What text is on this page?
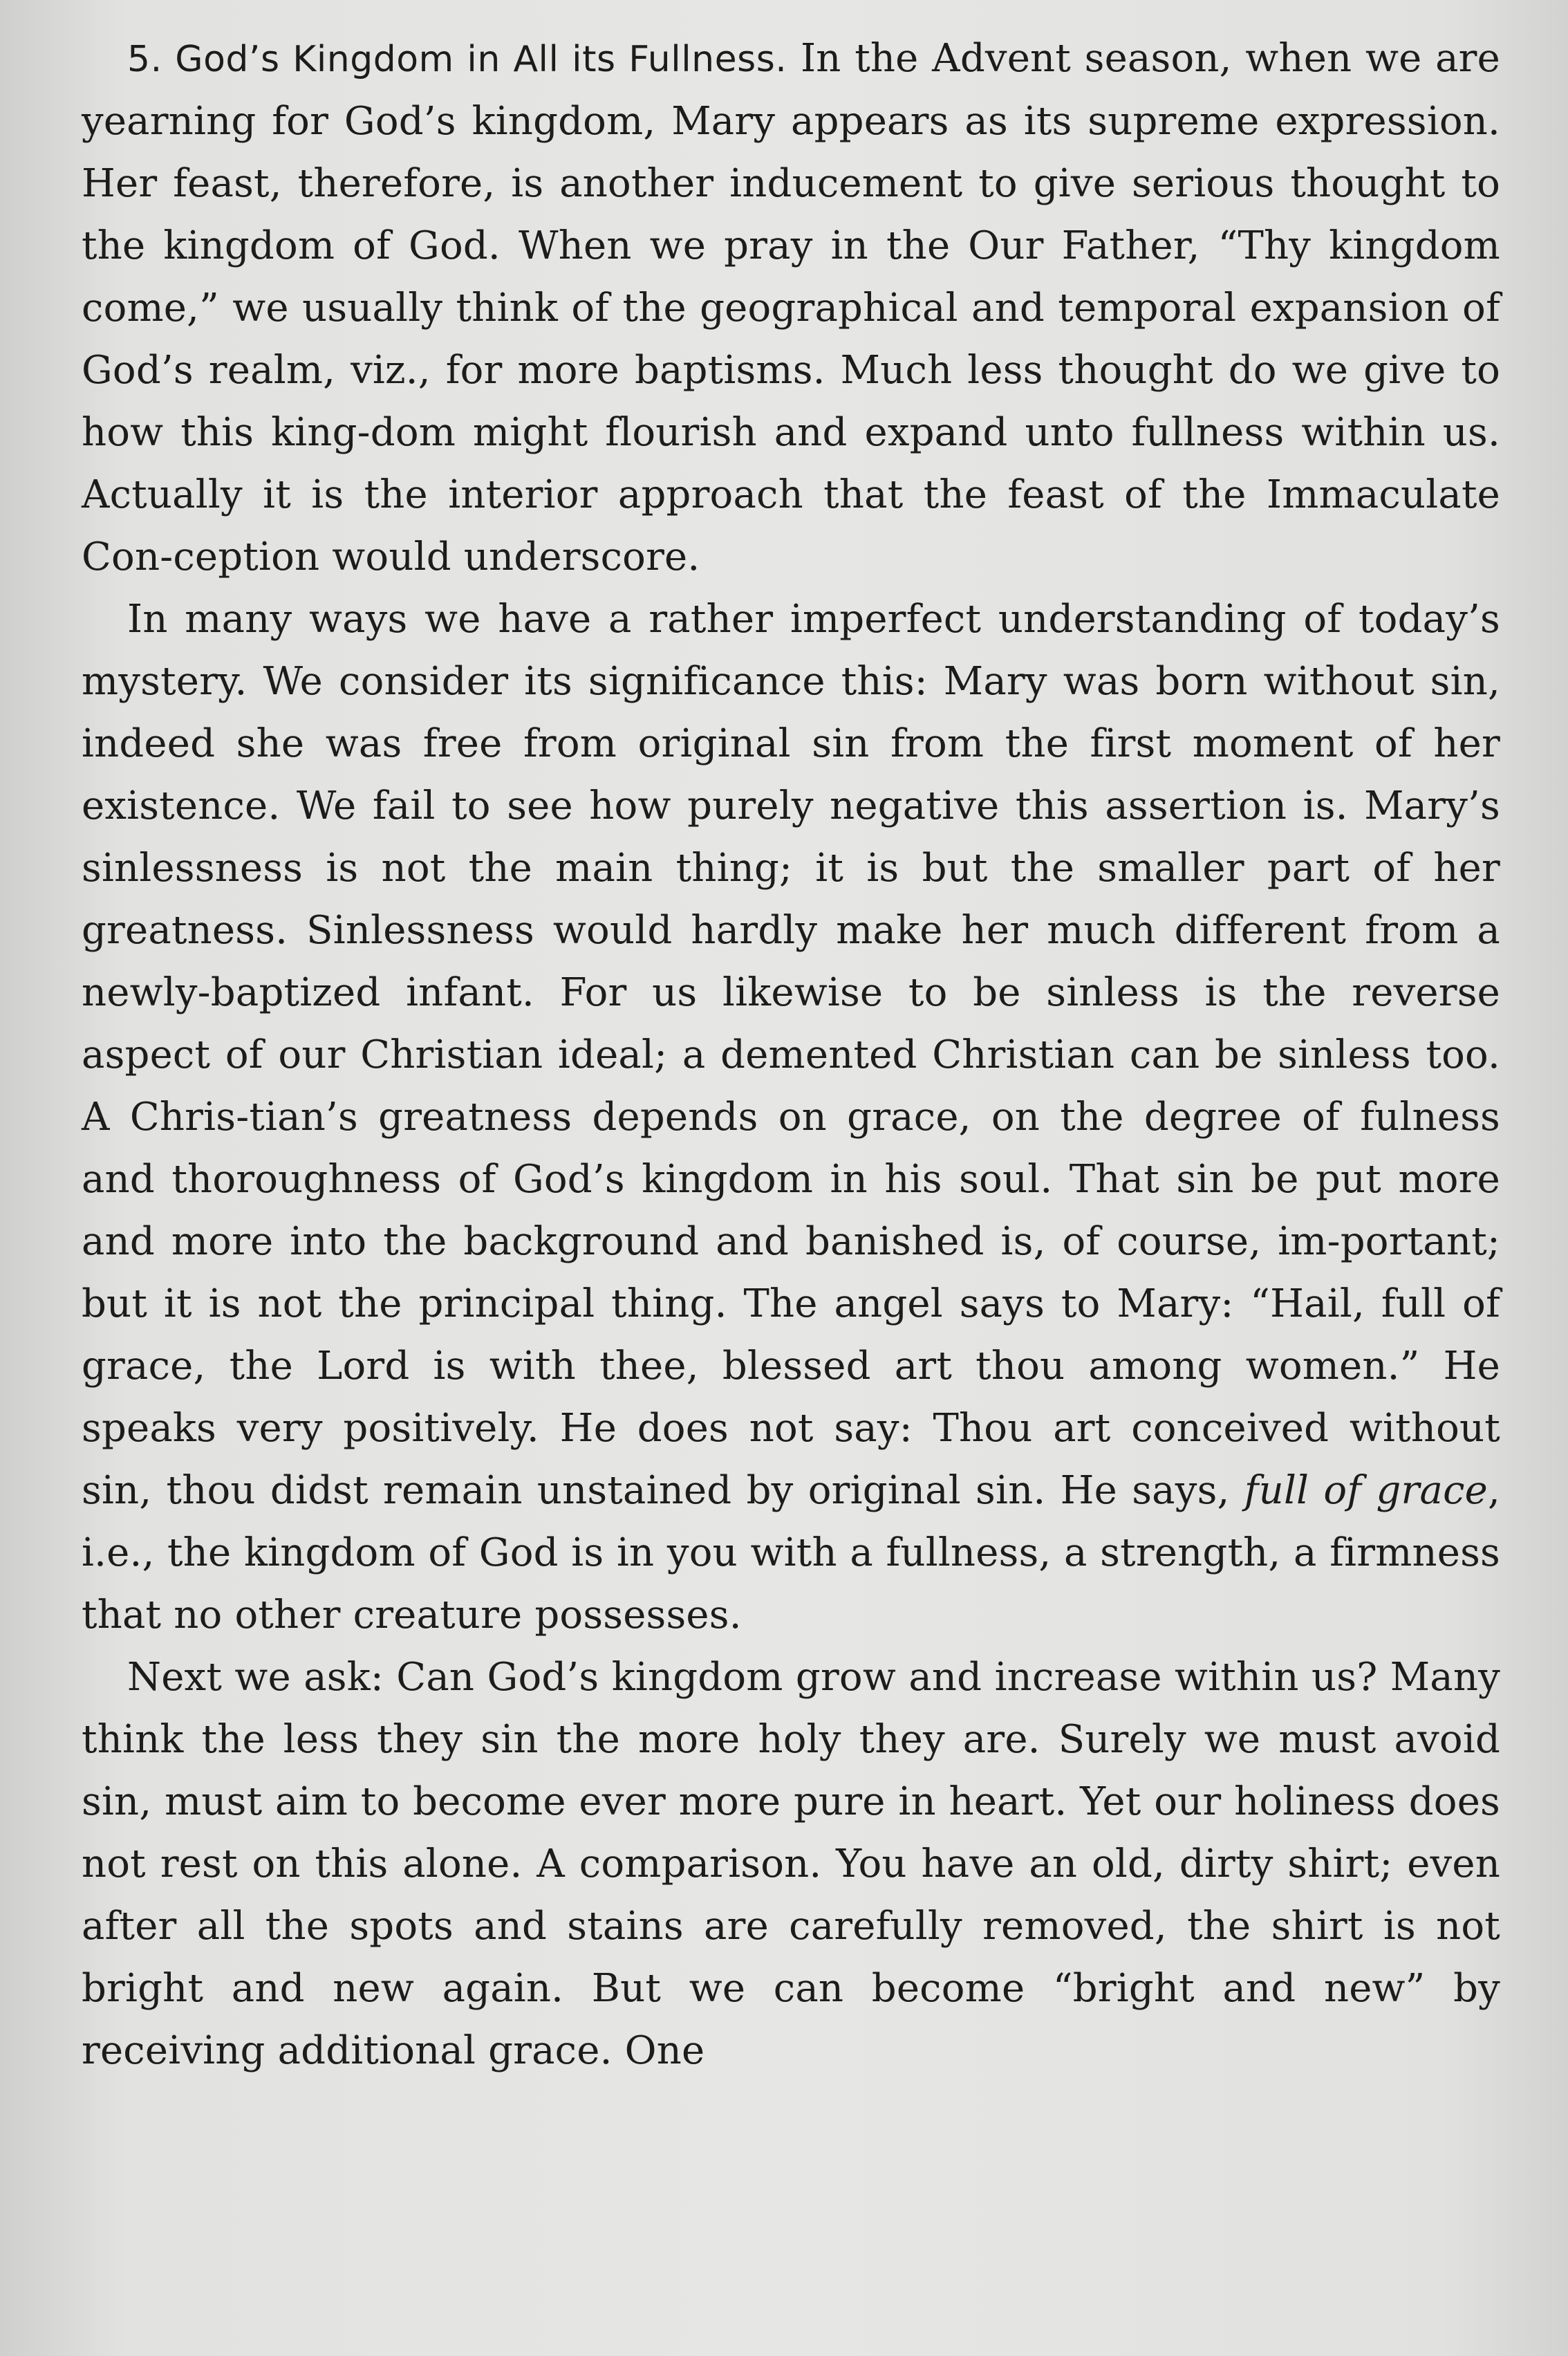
5. God’s Kingdom in All its Fullness. In the Advent season, when we are yearning for God’s kingdom, Mary appears as its supreme expression. Her feast, therefore, is another inducement to give serious thought to the kingdom of God. When we pray in the Our Father, “Thy kingdom come,” we usually think of the geographical and temporal expansion of God’s realm, viz., for more baptisms. Much less thought do we give to how this king-dom might flourish and expand unto fullness within us. Actually it is the interior approach that the feast of the Immaculate Con-ception would underscore.

In many ways we have a rather imperfect understanding of today’s mystery. We consider its significance this: Mary was born without sin, indeed she was free from original sin from the first moment of her existence. We fail to see how purely negative this assertion is. Mary’s sinlessness is not the main thing; it is but the smaller part of her greatness. Sinlessness would hardly make her much different from a newly-baptized infant. For us likewise to be sinless is the reverse aspect of our Christian ideal; a demented Christian can be sinless too. A Chris-tian’s greatness depends on grace, on the degree of fulness and thoroughness of God’s kingdom in his soul. That sin be put more and more into the background and banished is, of course, im-portant; but it is not the principal thing. The angel says to Mary: “Hail, full of grace, the Lord is with thee, blessed art thou among women.” He speaks very positively. He does not say: Thou art conceived without sin, thou didst remain unstained by original sin. He says, full of grace, i.e., the kingdom of God is in you with a fullness, a strength, a firmness that no other creature possesses.

Next we ask: Can God’s kingdom grow and increase within us? Many think the less they sin the more holy they are. Surely we must avoid sin, must aim to become ever more pure in heart. Yet our holiness does not rest on this alone. A comparison. You have an old, dirty shirt; even after all the spots and stains are carefully removed, the shirt is not bright and new again. But we can become “bright and new” by receiving additional grace. One
